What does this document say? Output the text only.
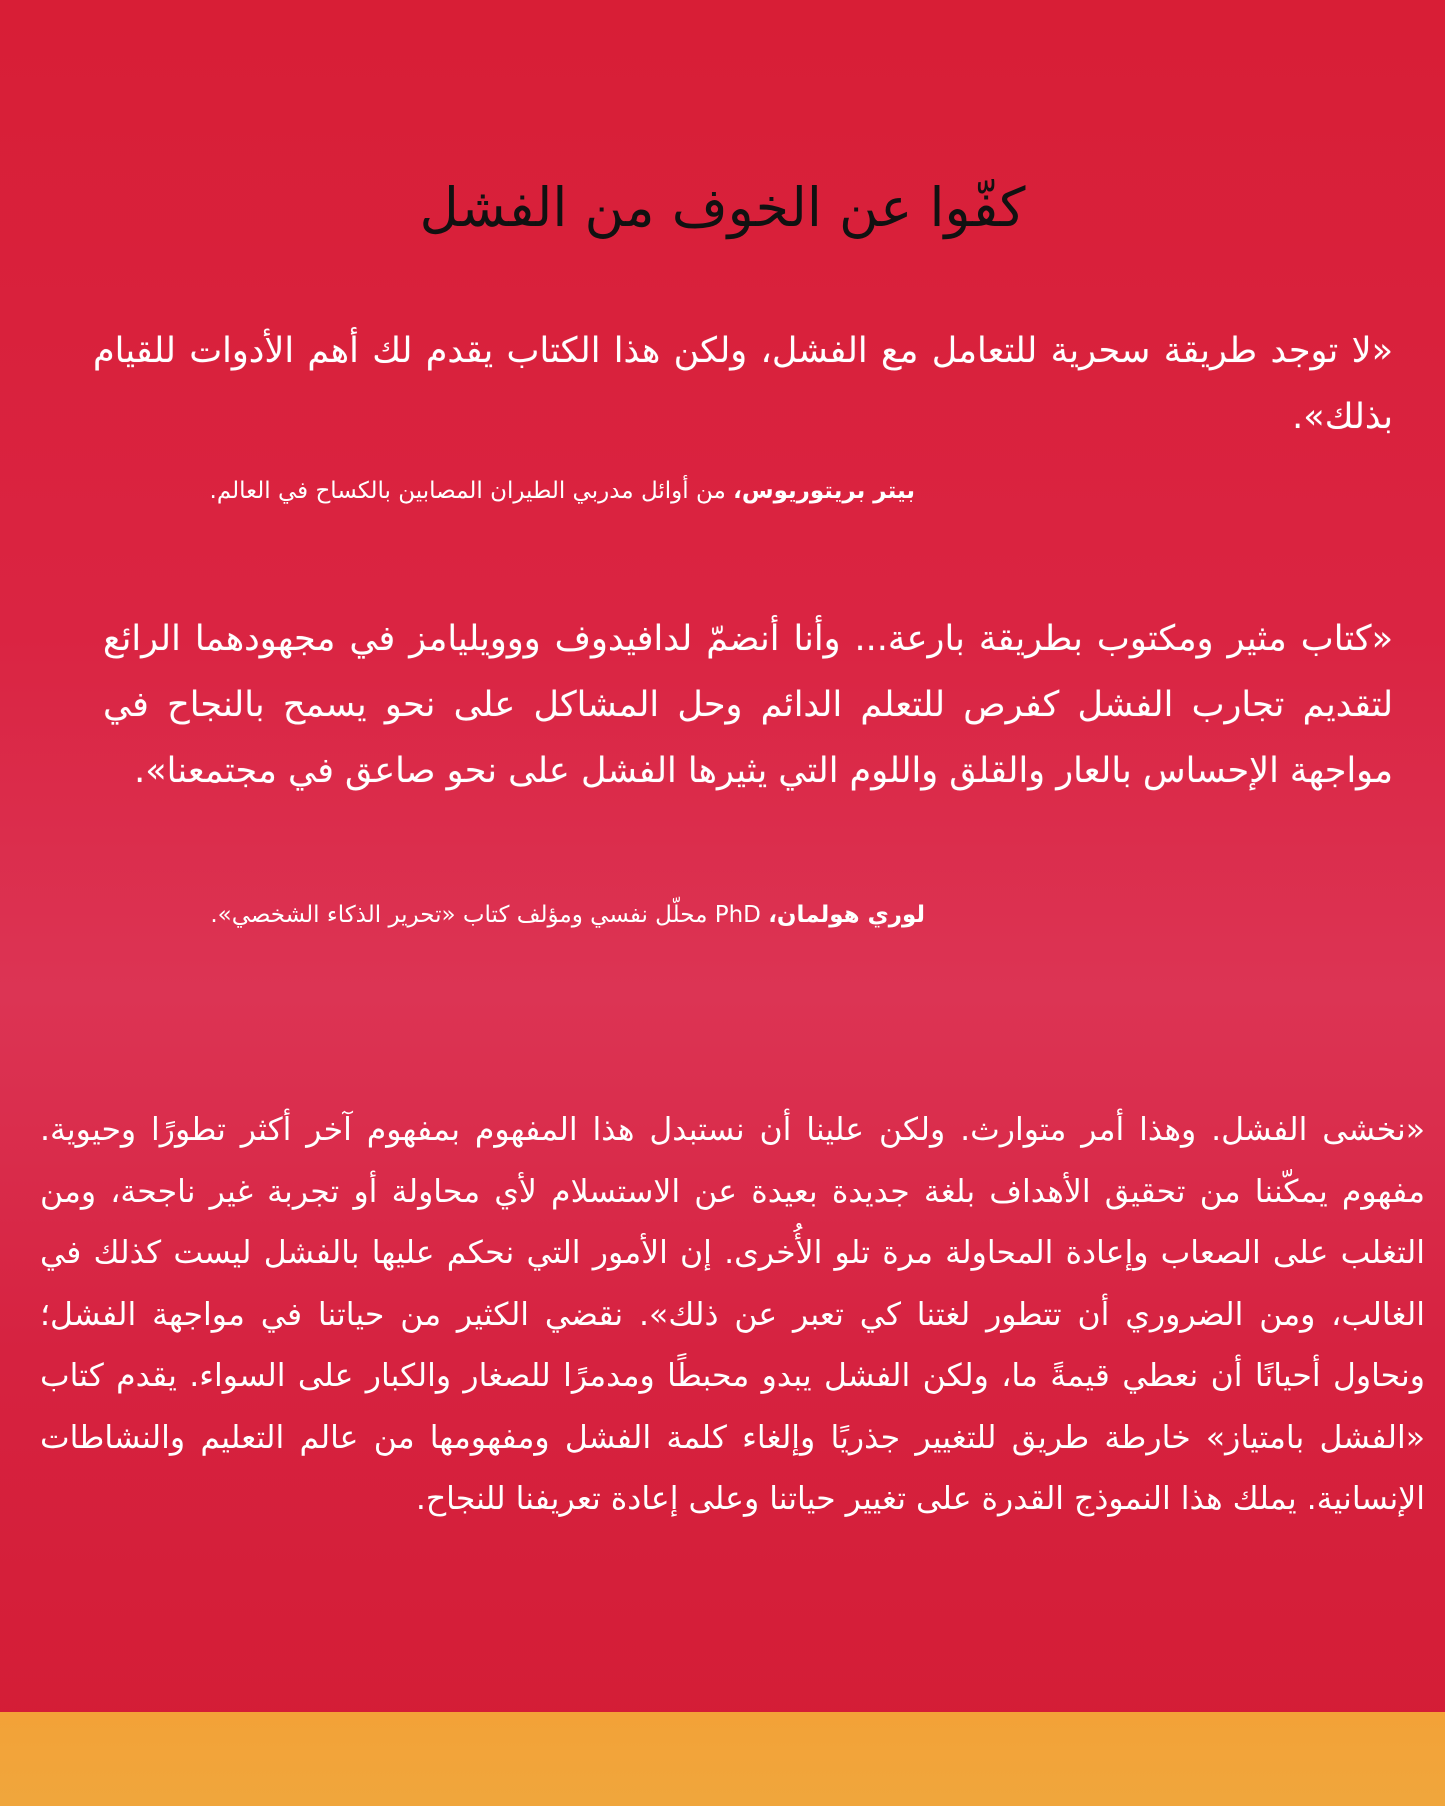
كفّوا عن الخوف من الفشل

«لا توجد طريقة سحرية للتعامل مع الفشل، ولكن هذا الكتاب يقدم لك أهم الأدوات للقيام بذلك».

بيتر بريتوريوس، من أوائل مدربي الطيران المصابين بالكساح في العالم.

«كتاب مثير ومكتوب بطريقة بارعة... وأنا أنضمّ لدافيدوف ووويليامز في مجهودهما الرائع لتقديم تجارب الفشل كفرص للتعلم الدائم وحل المشاكل على نحو يسمح بالنجاح في مواجهة الإحساس بالعار والقلق واللوم التي يثيرها الفشل على نحو صاعق في مجتمعنا».

لوري هولمان، PhD محلّل نفسي ومؤلف كتاب «تحرير الذكاء الشخصي».

«نخشى الفشل. وهذا أمر متوارث. ولكن علينا أن نستبدل هذا المفهوم بمفهوم آخر أكثر تطورًا وحيوية. مفهوم يمكّننا من تحقيق الأهداف بلغة جديدة بعيدة عن الاستسلام لأي محاولة أو تجربة غير ناجحة، ومن التغلب على الصعاب وإعادة المحاولة مرة تلو الأُخرى. إن الأمور التي نحكم عليها بالفشل ليست كذلك في الغالب، ومن الضروري أن تتطور لغتنا كي تعبر عن ذلك». نقضي الكثير من حياتنا في مواجهة الفشل؛ ونحاول أحيانًا أن نعطي قيمةً ما، ولكن الفشل يبدو محبطًا ومدمرًا للصغار والكبار على السواء. يقدم كتاب «الفشل بامتياز» خارطة طريق للتغيير جذريًا وإلغاء كلمة الفشل ومفهومها من عالم التعليم والنشاطات الإنسانية. يملك هذا النموذج القدرة على تغيير حياتنا وعلى إعادة تعريفنا للنجاح.
